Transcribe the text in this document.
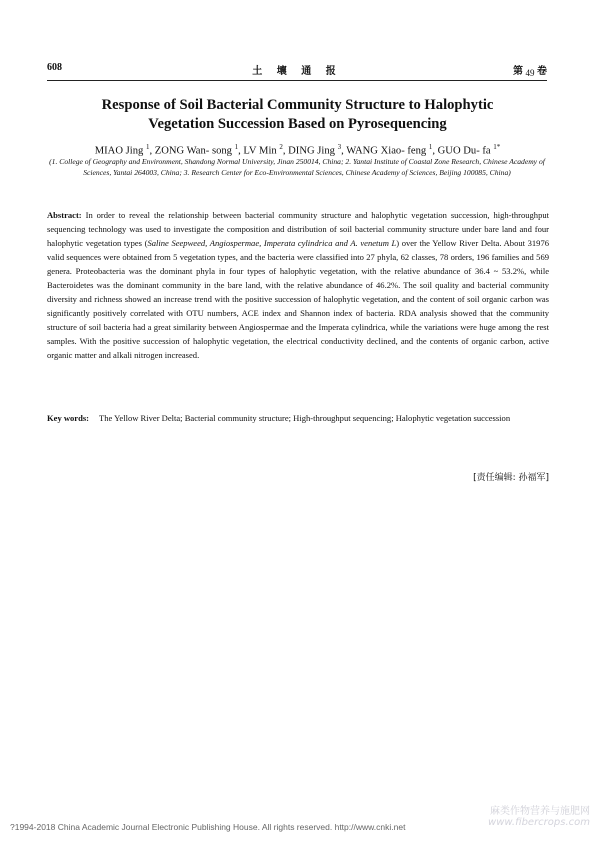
608	土 壤 通 报	第 49 卷
Response of Soil Bacterial Community Structure to Halophytic
Vegetation Succession Based on Pyrosequencing
MIAO Jing $^1$, ZONG Wan- song $^1$, LV Min $^2$, DING Jing $^3$, WANG Xiao- feng $^1$, GUO Du- fa $^{1*}$
(1. College of Geography and Environment, Shandong Normal University, Jinan 250014, China; 2. Yantai Institute of Coastal Zone Research, Chinese Academy of Sciences, Yantai 264003, China; 3. Research Center for Eco-Environmental Sciences, Chinese Academy of Sciences, Beijing 100085, China)
Abstract: In order to reveal the relationship between bacterial community structure and halophytic vegetation succession, high-throughput sequencing technology was used to investigate the composition and distribution of soil bacterial community structure under bare land and four halophytic vegetation types (Saline Seepweed, Angiospermae, Imperata cylindrica and A. venetum L) over the Yellow River Delta. About 31976 valid sequences were obtained from 5 vegetation types, and the bacteria were classified into 27 phyla, 62 classes, 78 orders, 196 families and 569 genera. Proteobacteria was the dominant phyla in four types of halophytic vegetation, with the relative abundance of 36.4 ~ 53.2%, while Bacteroidetes was the dominant community in the bare land, with the relative abundance of 46.2%. The soil quality and bacterial community diversity and richness showed an increase trend with the positive succession of halophytic vegetation, and the content of soil organic carbon was significantly positively correlated with OTU numbers, ACE index and Shannon index of bacteria. RDA analysis showed that the community structure of soil bacteria had a great similarity between Angiospermae and the Imperata cylindrica, while the variations were huge among the rest samples. With the positive succession of halophytic vegetation, the electrical conductivity declined, and the contents of organic carbon, active organic matter and alkali nitrogen increased.
Key words:	The Yellow River Delta; Bacterial community structure; High-throughput sequencing; Halophytic vegetation succession
[责任编辑: 孙福军]
麻类作物营养与施肥网
www.fibercrops.com
?1994-2018 China Academic Journal Electronic Publishing House. All rights reserved. http://www.cnki.net
